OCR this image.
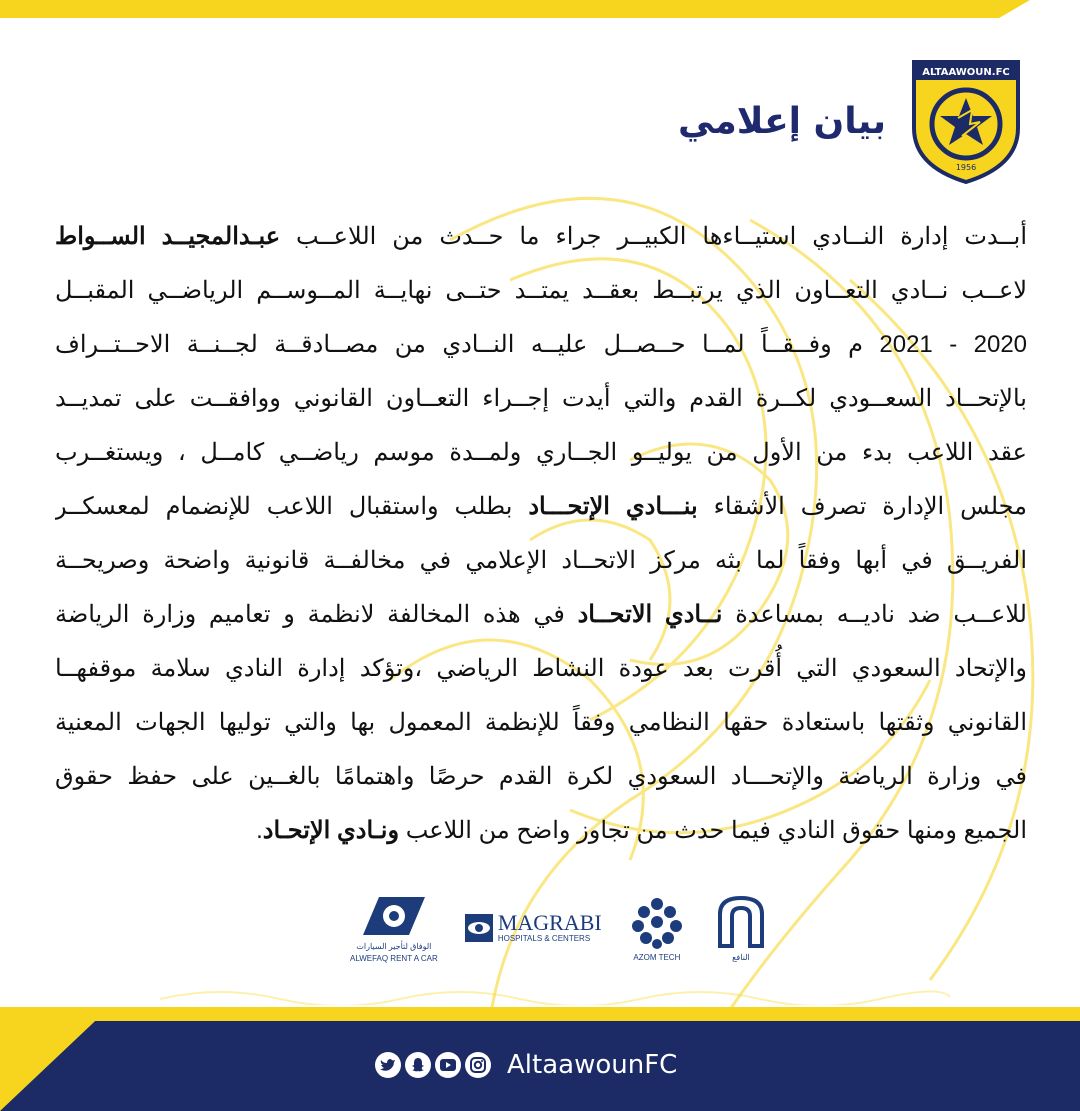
ALTAAWOUN.FC
1956
بيان إعلامي
أبــدت إدارة النــادي استيــاءها الكبيــر جراء ما حــدث من اللاعــب عبـدالمجيــد الســواط
لاعــب نــادي التعــاون الذي يرتبــط بعقــد يمتــد حتــى نهايــة المــوســم الرياضــي المقبــل
2020 - 2021 م وفــقــاً لمــا حــصــل عليــه النــادي من مصــادقــة لجــنــة الاحــتــراف
بالإتحــاد السعــودي لكــرة القدم والتي أيدت إجــراء التعــاون القانوني ووافقــت على تمديــد
عقد اللاعب بدء من الأول من يوليــو الجــاري ولمــدة موسم رياضــي كامــل ، ويستغــرب
مجلس الإدارة تصرف الأشقاء بنـــادي الإتحـــاد بطلب واستقبال اللاعب للإنضمام لمعسكــر
الفريــق في أبها وفقاً لما بثه مركز الاتحــاد الإعلامي في مخالفــة قانونية واضحة وصريحــة
للاعــب ضد ناديــه بمساعدة نــادي الاتحــاد في هذه المخالفة لانظمة و تعاميم وزارة الرياضة
والإتحاد السعودي التي أُقرت بعد عودة النشاط الرياضي ،وتؤكد إدارة النادي سلامة موقفهــا
القانوني وثقتها باستعادة حقها النظامي وفقاً للإنظمة المعمول بها والتي توليها الجهات المعنية
في وزارة الرياضة والإتحـــاد السعودي لكرة القدم حرصًا واهتمامًا بالغــين على حفظ حقوق
الجميع ومنها حقوق النادي فيما حدث من تجاوز واضح من اللاعب ونـادي الإتحـاد.
النافع
AZOM TECH
MAGRABI
HOSPITALS & CENTERS
الوفاق لتأجير السيارات
ALWEFAQ RENT A CAR
AltaawounFC
